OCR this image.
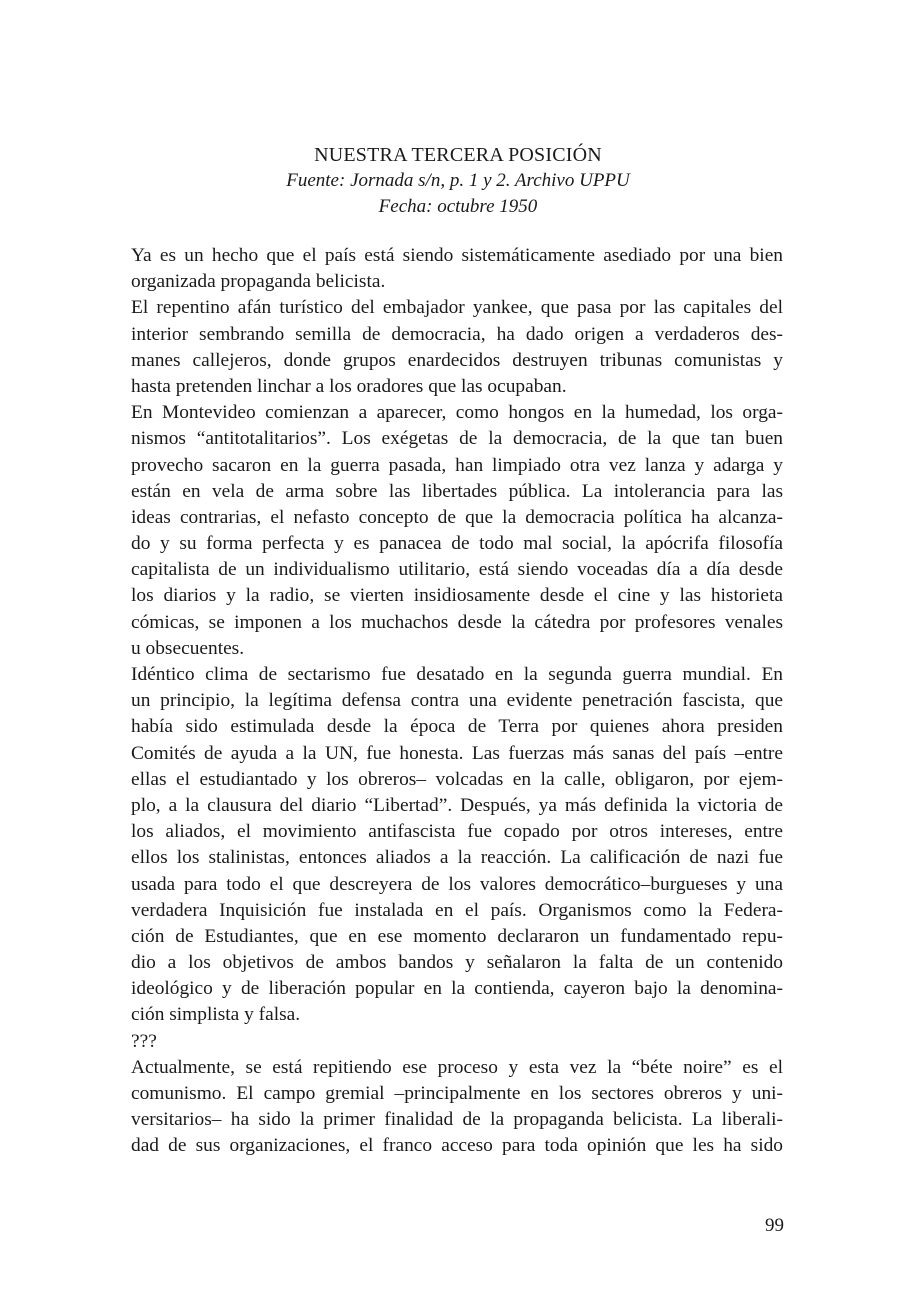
NUESTRA TERCERA POSICIÓN
Fuente: Jornada s/n, p. 1 y 2. Archivo UPPU
Fecha: octubre 1950
Ya es un hecho que el país está siendo sistemáticamente asediado por una bien
organizada propaganda belicista.
El repentino afán turístico del embajador yankee, que pasa por las capitales del
interior sembrando semilla de democracia, ha dado origen a verdaderos des-
manes callejeros, donde grupos enardecidos destruyen tribunas comunistas y
hasta pretenden linchar a los oradores que las ocupaban.
En Montevideo comienzan a aparecer, como hongos en la humedad, los orga-
nismos “antitotalitarios”. Los exégetas de la democracia, de la que tan buen
provecho sacaron en la guerra pasada, han limpiado otra vez lanza y adarga y
están en vela de arma sobre las libertades pública. La intolerancia para las
ideas contrarias, el nefasto concepto de que la democracia política ha alcanza-
do y su forma perfecta y es panacea de todo mal social, la apócrifa filosofía
capitalista de un individualismo utilitario, está siendo voceadas día a día desde
los diarios y la radio, se vierten insidiosamente desde el cine y las historieta
cómicas, se imponen a los muchachos desde la cátedra por profesores venales
u obsecuentes.
Idéntico clima de sectarismo fue desatado en la segunda guerra mundial. En
un principio, la legítima defensa contra una evidente penetración fascista, que
había sido estimulada desde la época de Terra por quienes ahora presiden
Comités de ayuda a la UN, fue honesta. Las fuerzas más sanas del país –entre
ellas el estudiantado y los obreros– volcadas en la calle, obligaron, por ejem-
plo, a la clausura del diario “Libertad”. Después, ya más definida la victoria de
los aliados, el movimiento antifascista fue copado por otros intereses, entre
ellos los stalinistas, entonces aliados a la reacción. La calificación de nazi fue
usada para todo el que descreyera de los valores democrático–burgueses y una
verdadera Inquisición fue instalada en el país. Organismos como la Federa-
ción de Estudiantes, que en ese momento declararon un fundamentado repu-
dio a los objetivos de ambos bandos y señalaron la falta de un contenido
ideológico y de liberación popular en la contienda, cayeron bajo la denomina-
ción simplista y falsa.
???
Actualmente, se está repitiendo ese proceso y esta vez la “béte noire” es el
comunismo. El campo gremial –principalmente en los sectores obreros y uni-
versitarios– ha sido la primer finalidad de la propaganda belicista. La liberali-
dad de sus organizaciones, el franco acceso para toda opinión que les ha sido
99
